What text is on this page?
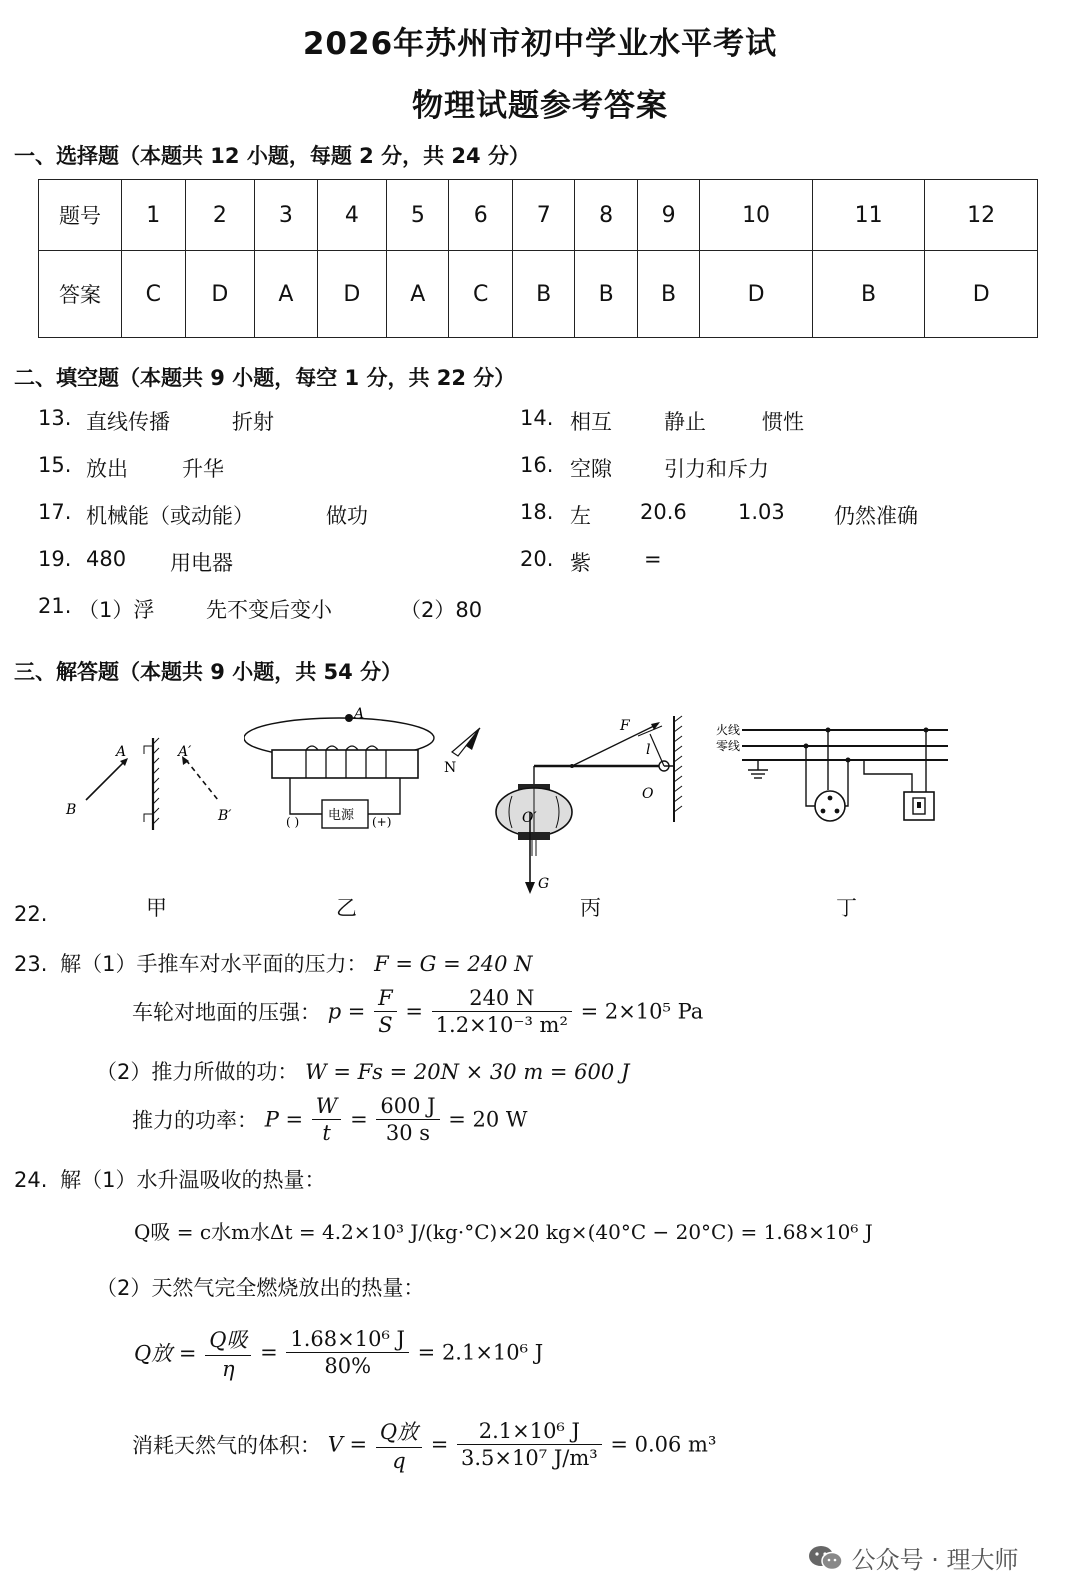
2026年苏州市初中学业水平考试
物理试题参考答案
一、选择题（本题共 12 小题，每题 2 分，共 24 分）
题号	1	2	3	4	5	6	7	8	9	10	11	12
答案	C	D	A	D	A	C	B	B	B	D	B	D
二、填空题（本题共 9 小题，每空 1 分，共 22 分）
13. 直线传播	折射	14. 相互 静止	惯性
15. 放出	升华	16. 空隙 引力和斥力
17. 机械能（或动能）	做功	18. 左 20.6 1.03 仍然准确
19. 480 用电器	20. 紫	=
21. （1）浮 先不变后变小	（2）80
三、解答题（本题共 9 小题，共 54 分）
22.
A	A′
B	B′	电源
( )	(+)
A
N
O′
G
F
l
O
火线
零线
甲	乙	丙	丁
23. 解（1）手推车对水平面的压力： F = G = 240 N
车轮对地面的压强： $p = \frac{F}{S} = \frac{240 N}{\text{1.2×10⁻³ m²}} = 2\times 10^5$ Pa
（2）推力所做的功： W = Fs = 20N × 30 m = 600 J
推力的功率： $P = \frac{W}{t} = \frac{600 J}{30 s} = 20$ W
24. 解（1）水升温吸收的热量：
Q吸 = c水m水Δt = 4.2×10³ J/(kg·°C)×20 kg×(40°C − 20°C) = 1.68×10⁶ J
（2）天然气完全燃烧放出的热量：
Q放 = $\frac{\text{Q吸}}{\eta} = \frac{\text{1.68×10⁶ J}}{80\%} = 2.1\times 10^6$ J
消耗天然气的体积： $V = \frac{\text{Q放}}{q} = \frac{\text{2.1×10⁶ J}}{\text{3.5×10⁷ J/m³}} = 0.06$ m³
公众号 · 理大师
